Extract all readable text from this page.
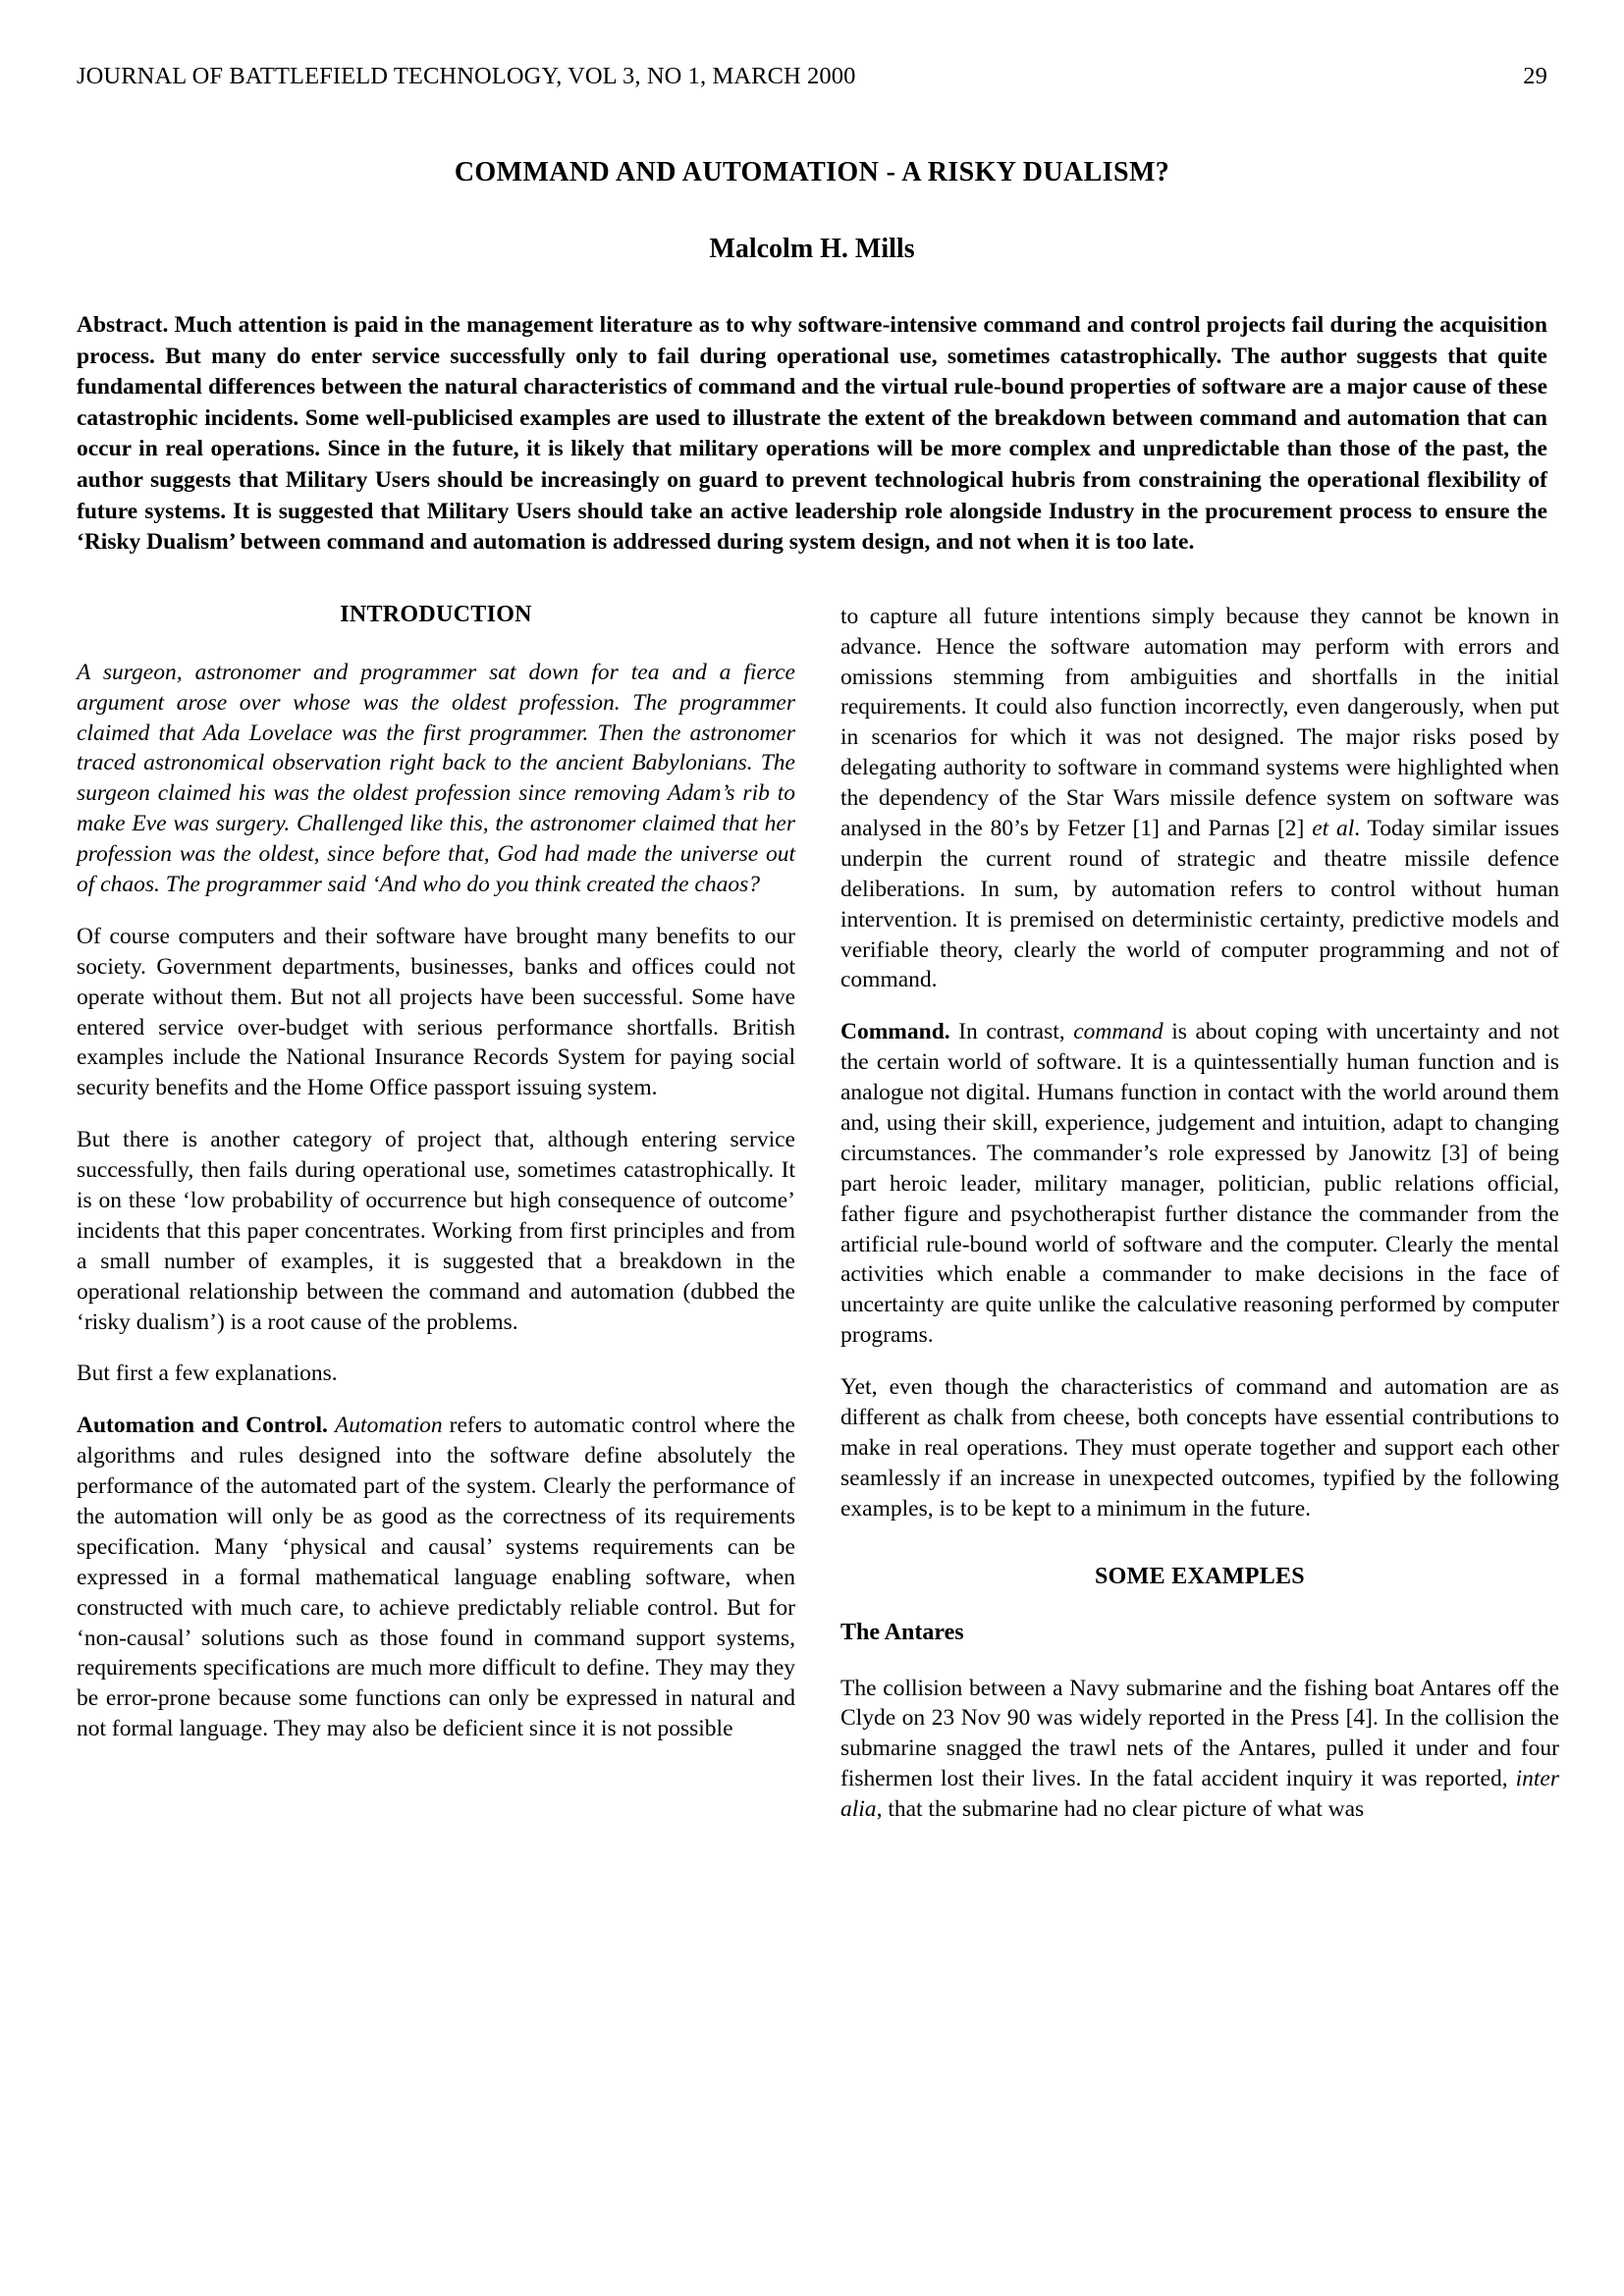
JOURNAL OF BATTLEFIELD TECHNOLOGY, VOL 3, NO 1, MARCH 2000	29
COMMAND AND AUTOMATION - A RISKY DUALISM?
Malcolm H. Mills
Abstract. Much attention is paid in the management literature as to why software-intensive command and control projects fail during the acquisition process. But many do enter service successfully only to fail during operational use, sometimes catastrophically. The author suggests that quite fundamental differences between the natural characteristics of command and the virtual rule-bound properties of software are a major cause of these catastrophic incidents. Some well-publicised examples are used to illustrate the extent of the breakdown between command and automation that can occur in real operations. Since in the future, it is likely that military operations will be more complex and unpredictable than those of the past, the author suggests that Military Users should be increasingly on guard to prevent technological hubris from constraining the operational flexibility of future systems. It is suggested that Military Users should take an active leadership role alongside Industry in the procurement process to ensure the ‘Risky Dualism’ between command and automation is addressed during system design, and not when it is too late.
INTRODUCTION

A surgeon, astronomer and programmer sat down for tea and a fierce argument arose over whose was the oldest profession. The programmer claimed that Ada Lovelace was the first programmer. Then the astronomer traced astronomical observation right back to the ancient Babylonians. The surgeon claimed his was the oldest profession since removing Adam’s rib to make Eve was surgery. Challenged like this, the astronomer claimed that her profession was the oldest, since before that, God had made the universe out of chaos. The programmer said ‘And who do you think created the chaos?

Of course computers and their software have brought many benefits to our society. Government departments, businesses, banks and offices could not operate without them. But not all projects have been successful. Some have entered service over-budget with serious performance shortfalls. British examples include the National Insurance Records System for paying social security benefits and the Home Office passport issuing system.

But there is another category of project that, although entering service successfully, then fails during operational use, sometimes catastrophically. It is on these ‘low probability of occurrence but high consequence of outcome’ incidents that this paper concentrates. Working from first principles and from a small number of examples, it is suggested that a breakdown in the operational relationship between the command and automation (dubbed the ‘risky dualism’) is a root cause of the problems.

But first a few explanations.

Automation and Control. Automation refers to automatic control where the algorithms and rules designed into the software define absolutely the performance of the automated part of the system. Clearly the performance of the automation will only be as good as the correctness of its requirements specification. Many ‘physical and causal’ systems requirements can be expressed in a formal mathematical language enabling software, when constructed with much care, to achieve predictably reliable control. But for ‘non-causal’ solutions such as those found in command support systems, requirements specifications are much more difficult to define. They may they be error-prone because some functions can only be expressed in natural and not formal language. They may also be deficient since it is not possible

to capture all future intentions simply because they cannot be known in advance. Hence the software automation may perform with errors and omissions stemming from ambiguities and shortfalls in the initial requirements. It could also function incorrectly, even dangerously, when put in scenarios for which it was not designed. The major risks posed by delegating authority to software in command systems were highlighted when the dependency of the Star Wars missile defence system on software was analysed in the 80’s by Fetzer [1] and Parnas [2] et al. Today similar issues underpin the current round of strategic and theatre missile defence deliberations. In sum, by automation refers to control without human intervention. It is premised on deterministic certainty, predictive models and verifiable theory, clearly the world of computer programming and not of command.

Command. In contrast, command is about coping with uncertainty and not the certain world of software. It is a quintessentially human function and is analogue not digital. Humans function in contact with the world around them and, using their skill, experience, judgement and intuition, adapt to changing circumstances. The commander’s role expressed by Janowitz [3] of being part heroic leader, military manager, politician, public relations official, father figure and psychotherapist further distance the commander from the artificial rule-bound world of software and the computer. Clearly the mental activities which enable a commander to make decisions in the face of uncertainty are quite unlike the calculative reasoning performed by computer programs.

Yet, even though the characteristics of command and automation are as different as chalk from cheese, both concepts have essential contributions to make in real operations. They must operate together and support each other seamlessly if an increase in unexpected outcomes, typified by the following examples, is to be kept to a minimum in the future.

SOME EXAMPLES
The Antares

The collision between a Navy submarine and the fishing boat Antares off the Clyde on 23 Nov 90 was widely reported in the Press [4]. In the collision the submarine snagged the trawl nets of the Antares, pulled it under and four fishermen lost their lives. In the fatal accident inquiry it was reported, inter alia, that the submarine had no clear picture of what was
